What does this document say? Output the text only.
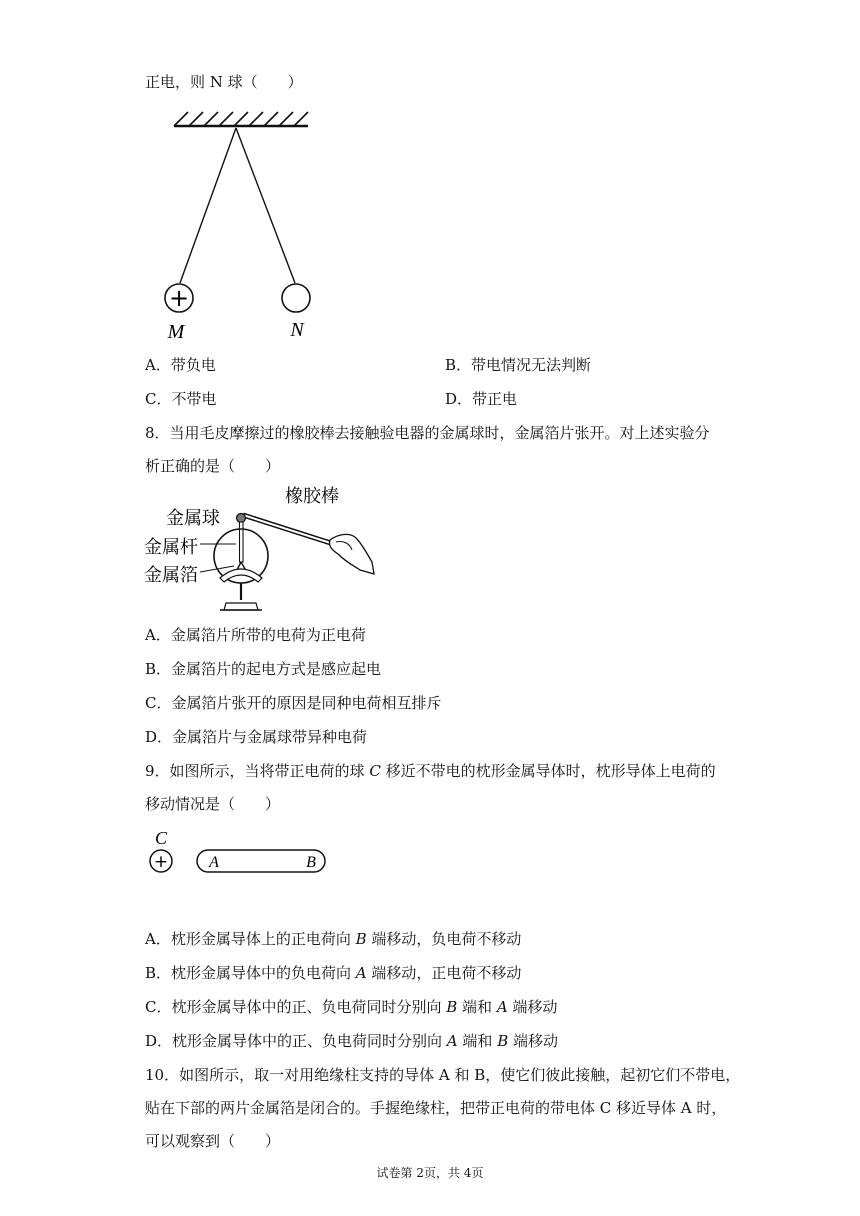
正电，则 N 球（　　）
+
M	N
A．带负电	B．带电情况无法判断
C．不带电	D．带正电
8．当用毛皮摩擦过的橡胶棒去接触验电器的金属球时，金属箔片张开。对上述实验分
析正确的是（　　）
橡胶棒
金属球
金属杆
金属箔
A．金属箔片所带的电荷为正电荷
B．金属箔片的起电方式是感应起电
C．金属箔片张开的原因是同种电荷相互排斥
D．金属箔片与金属球带异种电荷
9．如图所示，当将带正电荷的球 C 移近不带电的枕形金属导体时，枕形导体上电荷的
移动情况是（　　）
C
+	A	B
A．枕形金属导体上的正电荷向 B 端移动，负电荷不移动
B．枕形金属导体中的负电荷向 A 端移动，正电荷不移动
C．枕形金属导体中的正、负电荷同时分别向 B 端和 A 端移动
D．枕形金属导体中的正、负电荷同时分别向 A 端和 B 端移动
10．如图所示，取一对用绝缘柱支持的导体 A 和 B，使它们彼此接触，起初它们不带电，
贴在下部的两片金属箔是闭合的。手握绝缘柱，把带正电荷的带电体 C 移近导体 A 时，
可以观察到（　　）
试卷第 2页，共 4页
